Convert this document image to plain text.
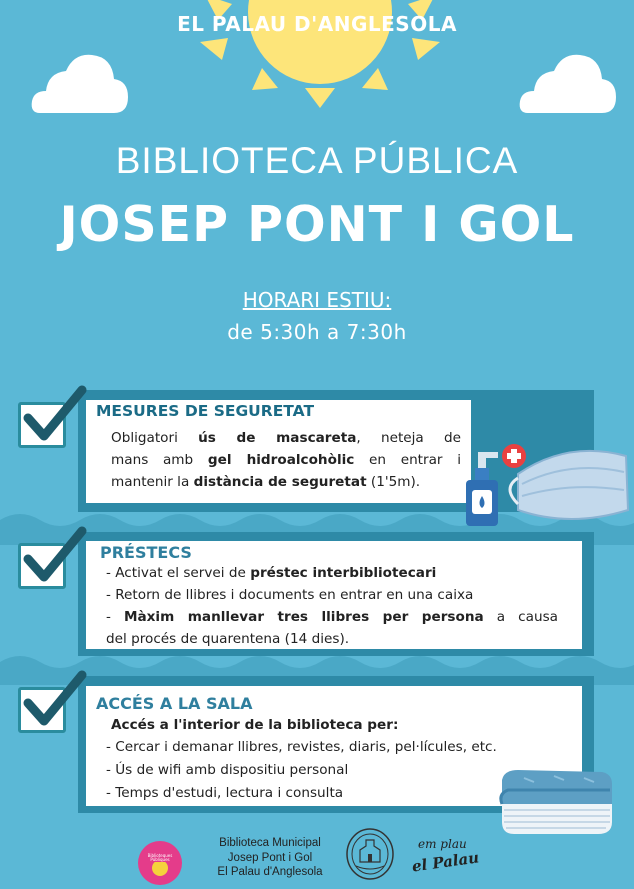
EL PALAU D'ANGLESOLA
BIBLIOTECA PÚBLICA
JOSEP PONT I GOL
HORARI ESTIU:
de 5:30h a 7:30h
MESURES DE SEGURETAT
Obligatori ús de mascareta, neteja de
mans amb gel hidroalcohòlic en entrar i
mantenir la distància de seguretat (1'5m).
PRÉSTECS
- Activat el servei de préstec interbibliotecari
- Retorn de llibres i documents en entrar en una caixa
- Màxim manllevar tres llibres per persona a causa
del procés de quarentena (14 dies).
ACCÉS A LA SALA
Accés a l'interior de la biblioteca per:
- Cercar i demanar llibres, revistes, diaris, pel·lícules, etc.
- Ús de wifi amb dispositiu personal
- Temps d'estudi, lectura i consulta
Biblioteques
Públiques
Biblioteca Municipal
Josep Pont i Gol
El Palau d'Anglesola
em plau
el Palau
